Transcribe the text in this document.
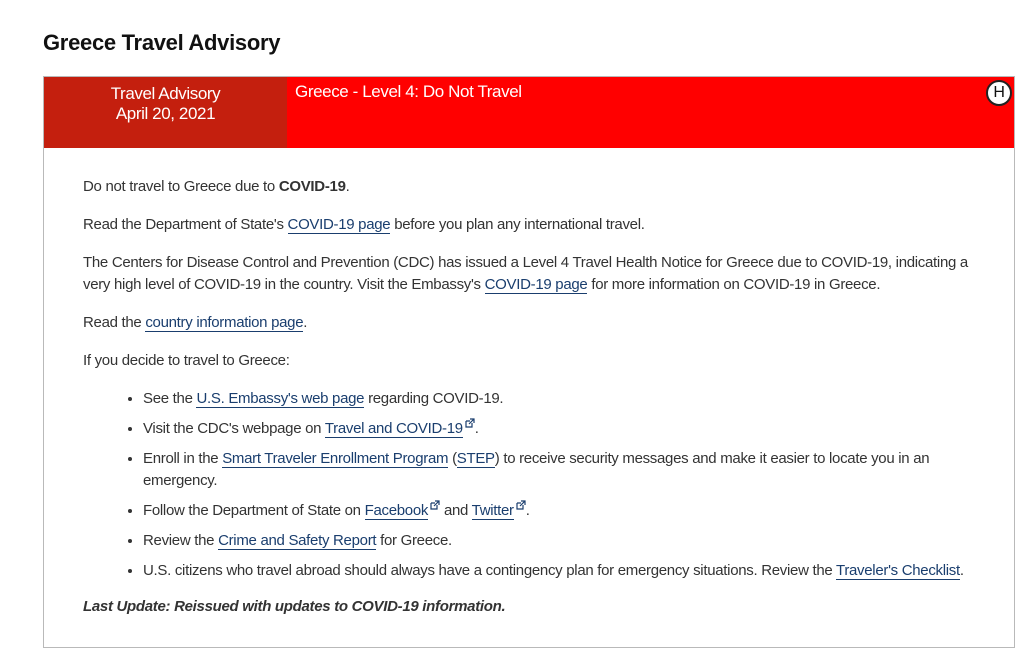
Greece Travel Advisory
Travel Advisory
April 20, 2021
Greece - Level 4: Do Not Travel	H

Do not travel to Greece due to COVID-19.

Read the Department of State's COVID-19 page before you plan any international travel.

The Centers for Disease Control and Prevention (CDC) has issued a Level 4 Travel Health Notice for Greece due to COVID-19, indicating a very high level of COVID-19 in the country. Visit the Embassy's COVID-19 page for more information on COVID-19 in Greece.

Read the country information page.

If you decide to travel to Greece:

• See the U.S. Embassy's web page regarding COVID-19.
• Visit the CDC's webpage on Travel and COVID-19 .
• Enroll in the Smart Traveler Enrollment Program (STEP) to receive security messages and make it easier to locate you in an emergency.
• Follow the Department of State on Facebook and Twitter .
• Review the Crime and Safety Report for Greece.
• U.S. citizens who travel abroad should always have a contingency plan for emergency situations. Review the Traveler's Checklist.

Last Update: Reissued with updates to COVID-19 information.
